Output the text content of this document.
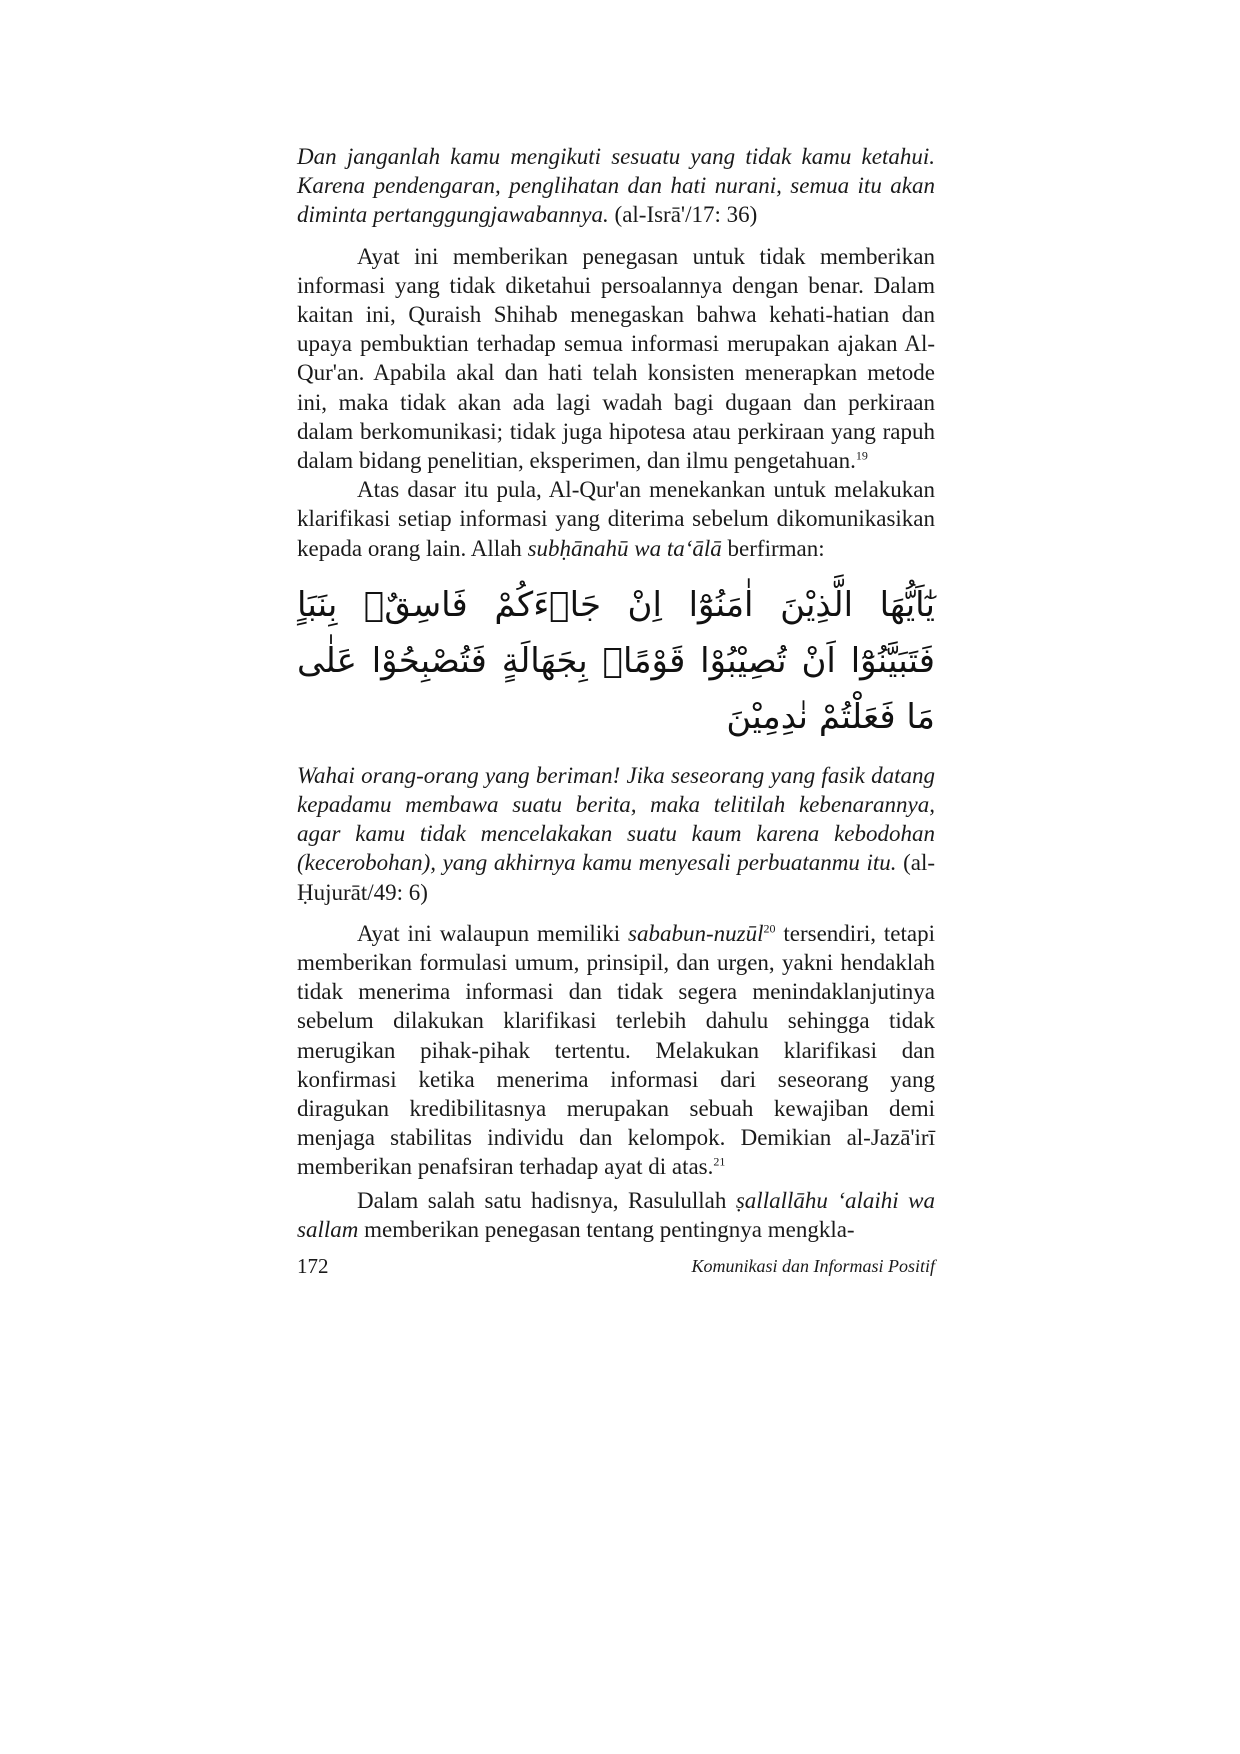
Dan janganlah kamu mengikuti sesuatu yang tidak kamu ketahui. Karena pendengaran, penglihatan dan hati nurani, semua itu akan diminta pertanggungjawabannya. (al-Isrā'/17: 36)

Ayat ini memberikan penegasan untuk tidak memberikan informasi yang tidak diketahui persoalannya dengan benar. Dalam kaitan ini, Quraish Shihab menegaskan bahwa kehati-hatian dan upaya pembuktian terhadap semua informasi merupakan ajakan Al-Qur'an. Apabila akal dan hati telah konsisten menerapkan metode ini, maka tidak akan ada lagi wadah bagi dugaan dan perkiraan dalam berkomunikasi; tidak juga hipotesa atau perkiraan yang rapuh dalam bidang penelitian, eksperimen, dan ilmu pengetahuan.$^{19}$

Atas dasar itu pula, Al-Qur'an menekankan untuk melakukan klarifikasi setiap informasi yang diterima sebelum dikomunikasikan kepada orang lain. Allah subḥānahū wa ta‘ālā berfirman:

يٰٓاَيُّهَا الَّذِيْنَ اٰمَنُوْٓا اِنْ جَاۤءَكُمْ فَاسِقٌۢ بِنَبَاٍ فَتَبَيَّنُوْٓا اَنْ تُصِيْبُوْا قَوْمًاۢ بِجَهَالَةٍ فَتُصْبِحُوْا عَلٰى مَا فَعَلْتُمْ نٰدِمِيْنَ

Wahai orang-orang yang beriman! Jika seseorang yang fasik datang kepadamu membawa suatu berita, maka telitilah kebenarannya, agar kamu tidak mencelakakan suatu kaum karena kebodohan (kecerobohan), yang akhirnya kamu menyesali perbuatanmu itu. (al-Ḥujurāt/49: 6)

Ayat ini walaupun memiliki sababun-nuzūl$^{20}$ tersendiri, tetapi memberikan formulasi umum, prinsipil, dan urgen, yakni hendaklah tidak menerima informasi dan tidak segera menindaklanjutinya sebelum dilakukan klarifikasi terlebih dahulu sehingga tidak merugikan pihak-pihak tertentu. Melakukan klarifikasi dan konfirmasi ketika menerima informasi dari seseorang yang diragukan kredibilitasnya merupakan sebuah kewajiban demi menjaga stabilitas individu dan kelompok. Demikian al-Jazā'irī memberikan penafsiran terhadap ayat di atas.$^{21}$

Dalam salah satu hadisnya, Rasulullah ṣallallāhu ‘alaihi wa sallam memberikan penegasan tentang pentingnya mengkla-

172	Komunikasi dan Informasi Positif
